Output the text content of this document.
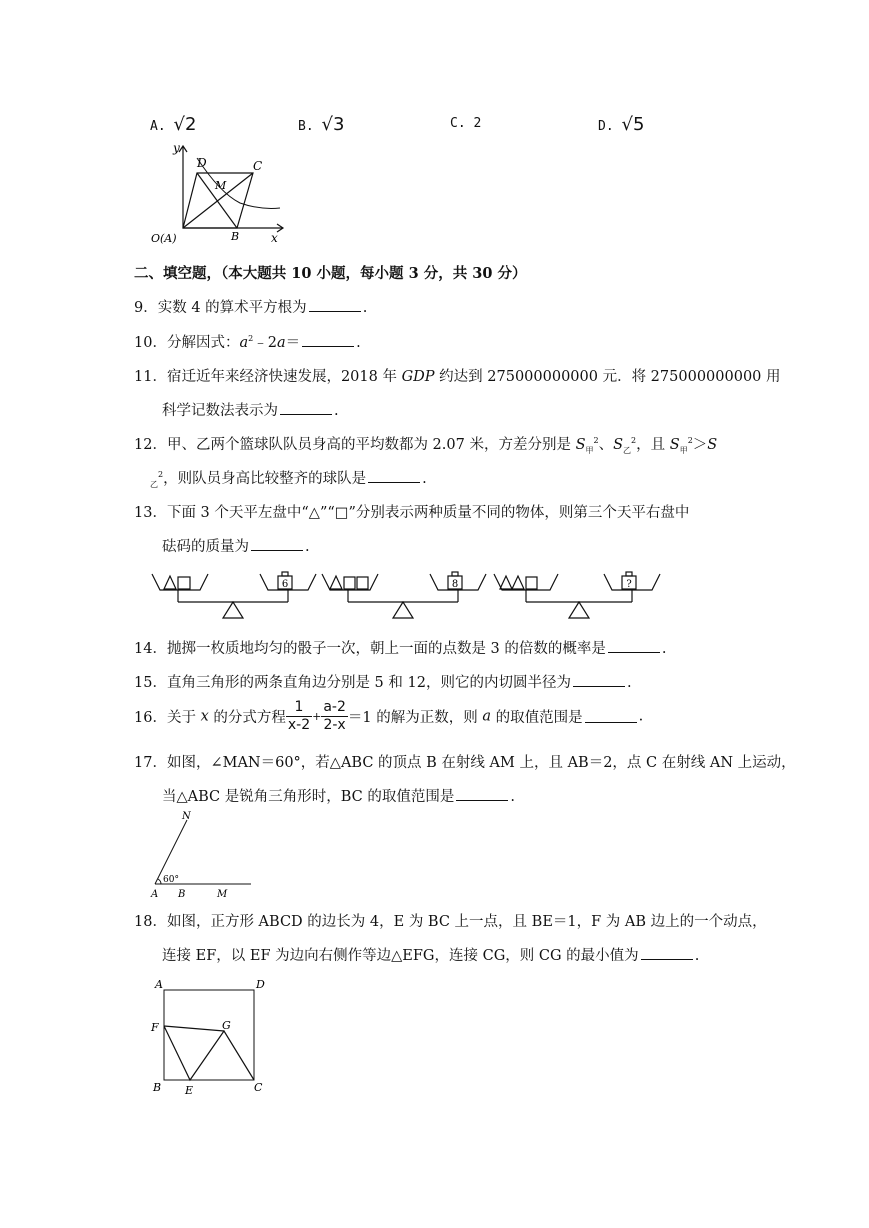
A. √2	B. √3	C. 2	D. √5
y
D	C
M
O(A)	B	x
二、填空题，（本大题共 10 小题，每小题 3 分，共 30 分）
9．实数 4 的算术平方根为	.
10．分解因式：$a^2﹣2a=$	.
11．宿迁近年来经济快速发展，2018 年 GDP 约达到 275000000000 元．将 275000000000 用
科学记数法表示为	.
12．甲、乙两个篮球队队员身高的平均数都为 2.07 米，方差分别是 $S_甲^2$、$S_乙^2$，且 $S_甲^2>S$
$_乙^2$，则队员身高比较整齐的球队是	.
13．下面 3 个天平左盘中“△”“□”分别表示两种质量不同的物体，则第三个天平右盘中
砝码的质量为	.
6	8	?
14．抛掷一枚质地均匀的骰子一次，朝上一面的点数是 3 的倍数的概率是	.
15．直角三角形的两条直角边分别是 5 和 12，则它的内切圆半径为	.
16．关于 x 的分式方程 $\frac{1}{x-2} + \frac{a-2}{2-x} =1$ 的解为正数，则 a 的取值范围是	.
17．如图，∠MAN＝60°，若△ABC 的顶点 B 在射线 AM 上，且 AB＝2，点 C 在射线 AN 上运动，
当△ABC 是锐角三角形时，BC 的取值范围是	.
N
60°
A B	M
18．如图，正方形 ABCD 的边长为 4，E 为 BC 上一点，且 BE＝1，F 为 AB 边上的一个动点，
连接 EF，以 EF 为边向右侧作等边△EFG，连接 CG，则 CG 的最小值为	.
A	D
F	G
B E	C
